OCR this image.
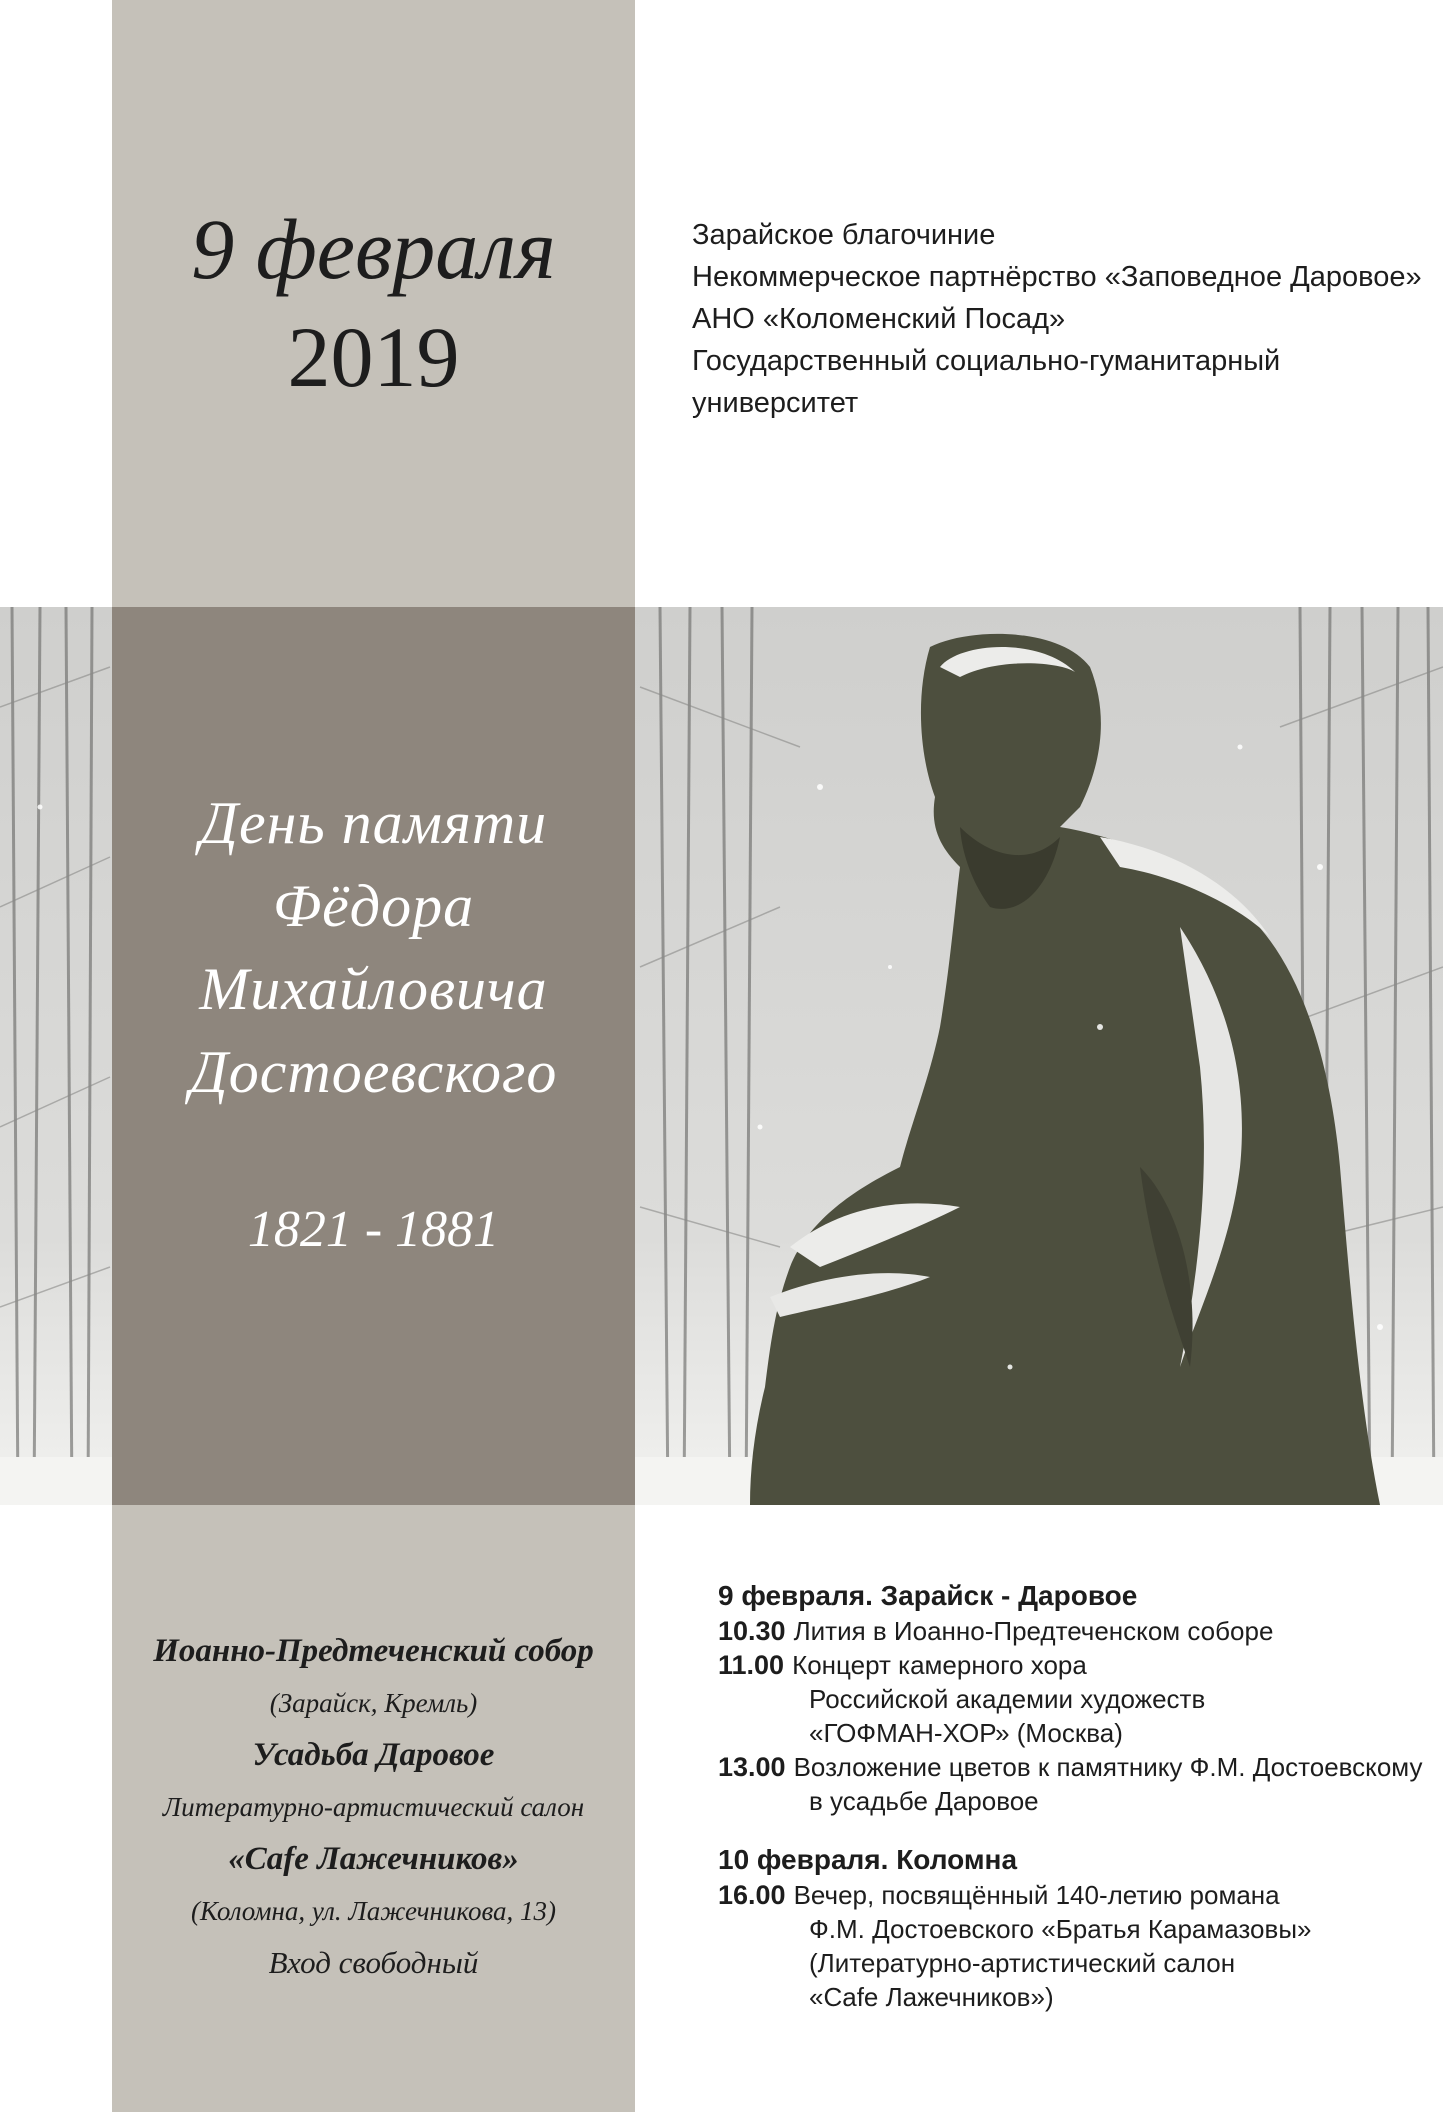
9 февраля
2019
Зарайское благочиние
Некоммерческое партнёрство «Заповедное Даровое»
АНО «Коломенский Посад»
Государственный социально-гуманитарный
университет
День памяти
Фёдора
Михайловича
Достоевского
1821 - 1881
Иоанно-Предтеченский собор
(Зарайск, Кремль)
Усадьба Даровое
Литературно-артистический салон
«Cafe Лажечников»
(Коломна, ул. Лажечникова, 13)
Вход свободный
9 февраля. Зарайск - Даровое
10.30 Лития в Иоанно-Предтеченском соборе
11.00 Концерт камерного хора
Российской академии художеств
«ГОФМАН-ХОР» (Москва)
13.00 Возложение цветов к памятнику Ф.М. Достоевскому
в усадьбе Даровое
10 февраля. Коломна
16.00 Вечер, посвящённый 140-летию романа
Ф.М. Достоевского «Братья Карамазовы»
(Литературно-артистический салон
«Cafe Лажечников»)
